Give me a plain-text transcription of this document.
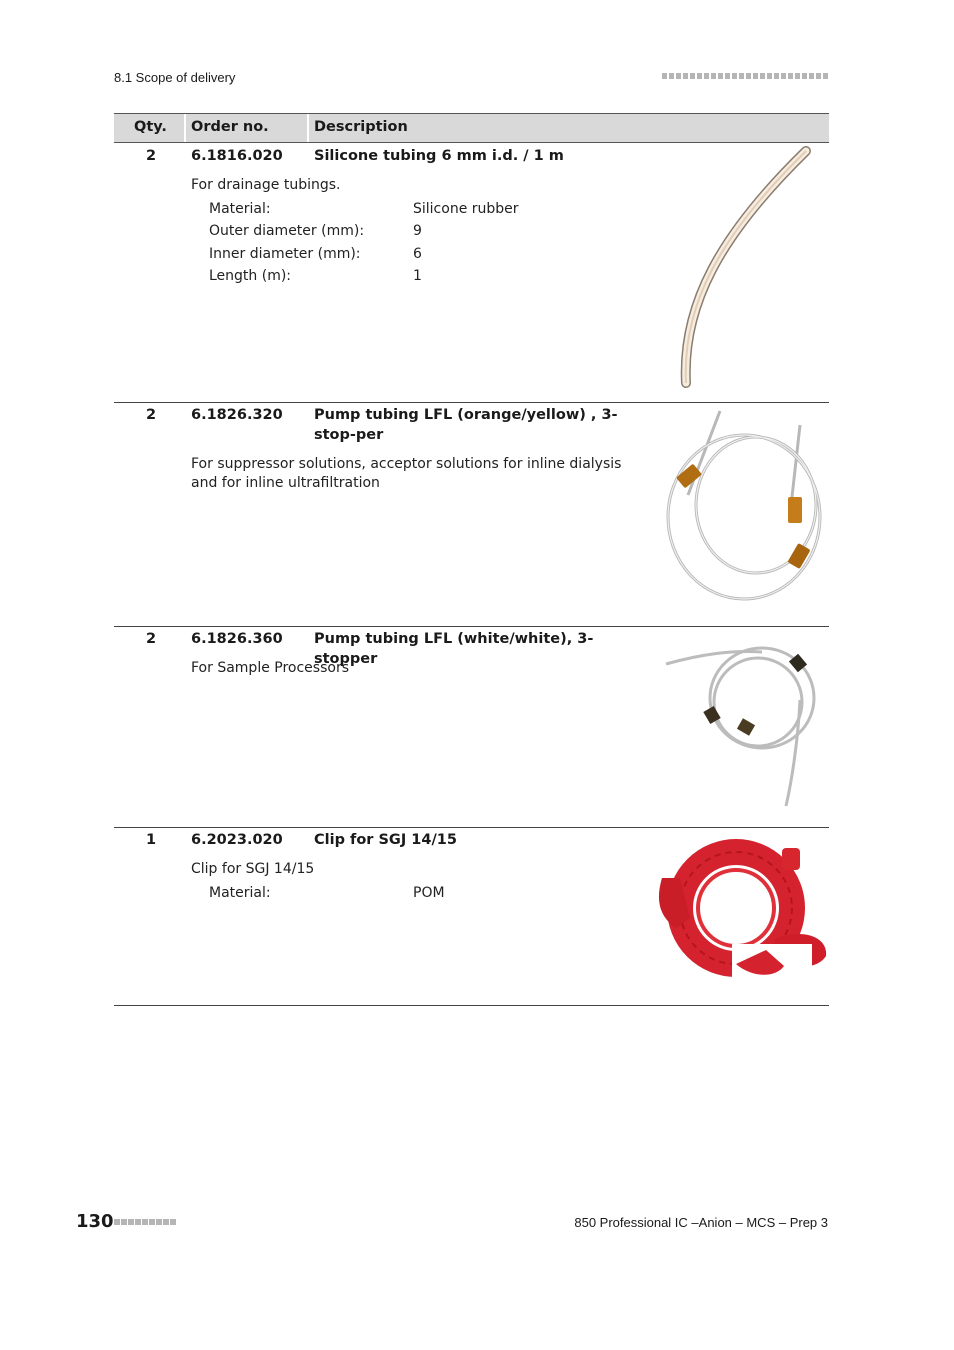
8.1 Scope of delivery
Qty. Order no.	Description
2 6.1816.020 Silicone tubing 6 mm i.d. / 1 m
For drainage tubings.
Material:	Silicone rubber
Outer diameter (mm):	9
Inner diameter (mm):	6
Length (m):	1
2 6.1826.320 Pump tubing LFL (orange/yellow) , 3-stop-per
For suppressor solutions, acceptor solutions for inline dialysis and for inline ultrafiltration
2 6.1826.360 Pump tubing LFL (white/white), 3-stopper
For Sample Processors
1 6.2023.020 Clip for SGJ 14/15
Clip for SGJ 14/15
Material:	POM
130	850 Professional IC –Anion – MCS – Prep 3
